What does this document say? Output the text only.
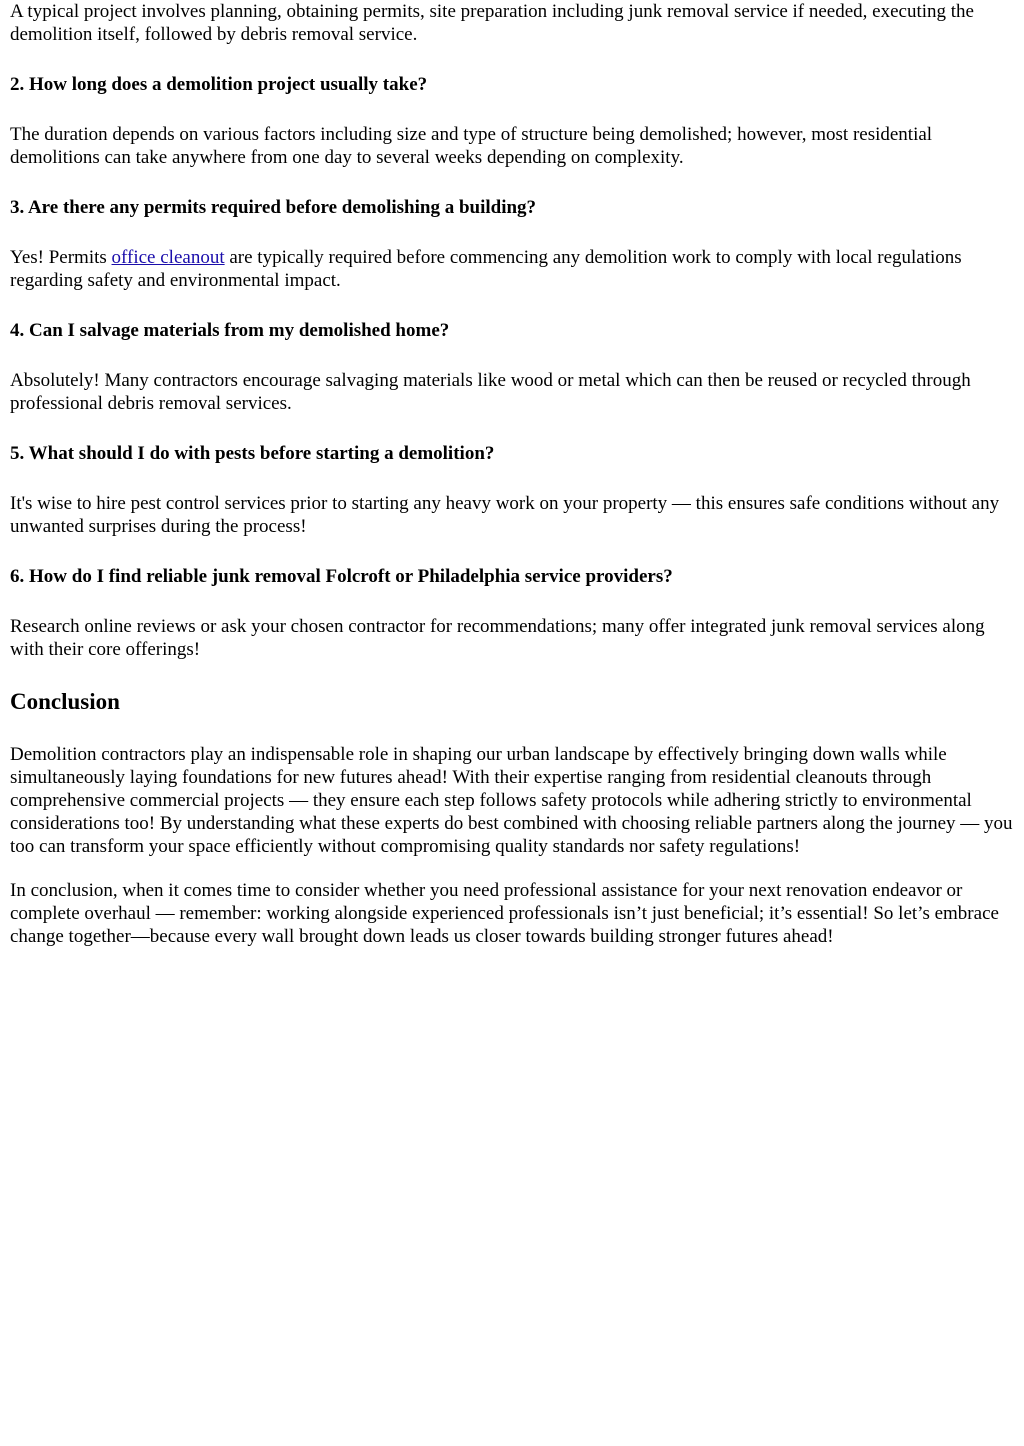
A typical project involves planning, obtaining permits, site preparation including junk removal service if needed, executing the demolition itself, followed by debris removal service.

2. How long does a demolition project usually take?

The duration depends on various factors including size and type of structure being demolished; however, most residential demolitions can take anywhere from one day to several weeks depending on complexity.

3. Are there any permits required before demolishing a building?

Yes! Permits office cleanout are typically required before commencing any demolition work to comply with local regulations regarding safety and environmental impact.

4. Can I salvage materials from my demolished home?

Absolutely! Many contractors encourage salvaging materials like wood or metal which can then be reused or recycled through professional debris removal services.

5. What should I do with pests before starting a demolition?

It's wise to hire pest control services prior to starting any heavy work on your property — this ensures safe conditions without any unwanted surprises during the process!

6. How do I find reliable junk removal Folcroft or Philadelphia service providers?

Research online reviews or ask your chosen contractor for recommendations; many offer integrated junk removal services along with their core offerings!

Conclusion

Demolition contractors play an indispensable role in shaping our urban landscape by effectively bringing down walls while simultaneously laying foundations for new futures ahead! With their expertise ranging from residential cleanouts through comprehensive commercial projects — they ensure each step follows safety protocols while adhering strictly to environmental considerations too! By understanding what these experts do best combined with choosing reliable partners along the journey — you too can transform your space efficiently without compromising quality standards nor safety regulations!

In conclusion, when it comes time to consider whether you need professional assistance for your next renovation endeavor or complete overhaul — remember: working alongside experienced professionals isn’t just beneficial; it’s essential! So let’s embrace change together—because every wall brought down leads us closer towards building stronger futures ahead!
